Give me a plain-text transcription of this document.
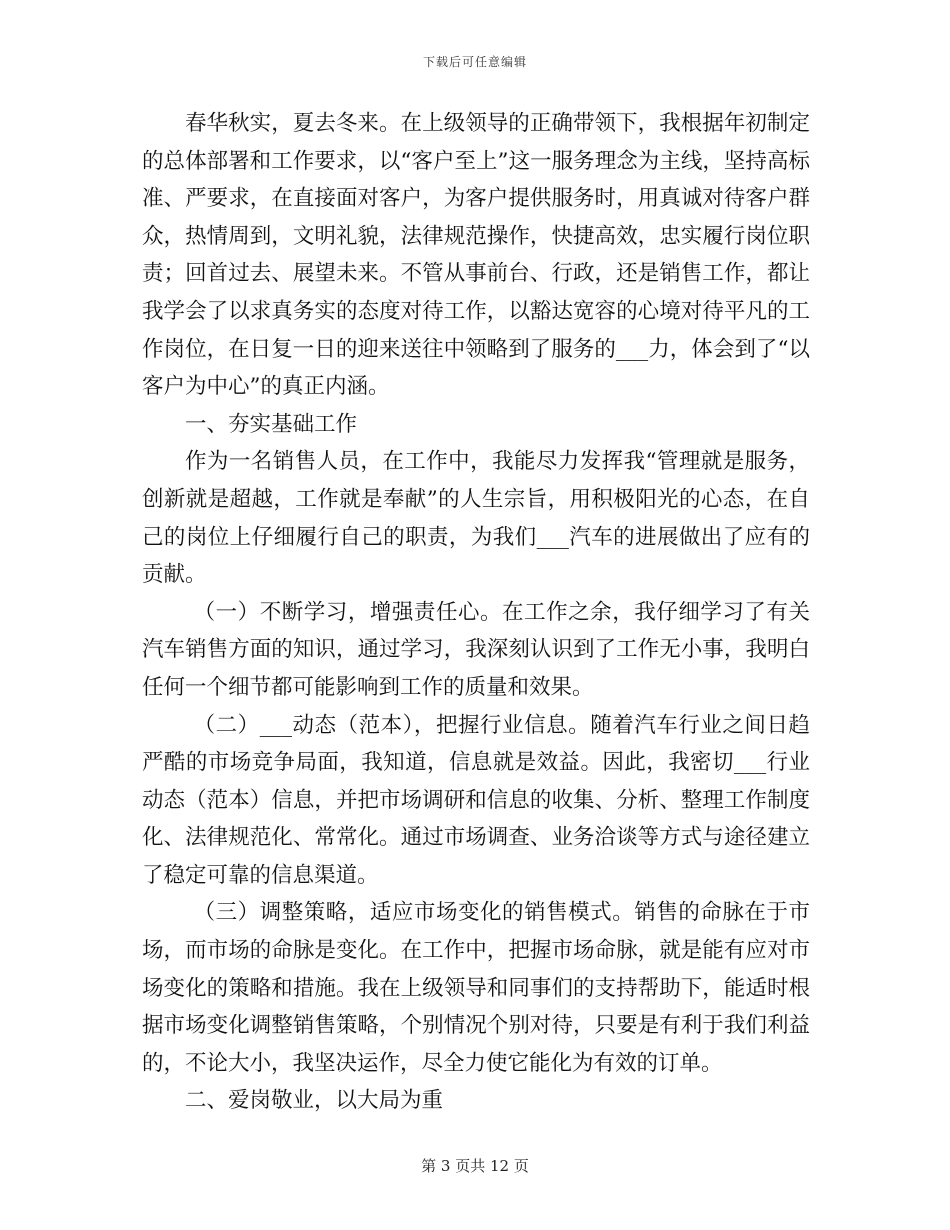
下载后可任意编辑

春华秋实，夏去冬来。在上级领导的正确带领下，我根据年初制定的总体部署和工作要求，以“客户至上”这一服务理念为主线，坚持高标准、严要求，在直接面对客户，为客户提供服务时，用真诚对待客户群众，热情周到，文明礼貌，法律规范操作，快捷高效，忠实履行岗位职责；回首过去、展望未来。不管从事前台、行政，还是销售工作，都让我学会了以求真务实的态度对待工作，以豁达宽容的心境对待平凡的工作岗位，在日复一日的迎来送往中领略到了服务的___力，体会到了“以客户为中心”的真正内涵。

一、夯实基础工作

作为一名销售人员，在工作中，我能尽力发挥我“管理就是服务，创新就是超越，工作就是奉献”的人生宗旨，用积极阳光的心态，在自己的岗位上仔细履行自己的职责，为我们___汽车的进展做出了应有的贡献。

（一）不断学习，增强责任心。在工作之余，我仔细学习了有关汽车销售方面的知识，通过学习，我深刻认识到了工作无小事，我明白任何一个细节都可能影响到工作的质量和效果。

（二）___动态（范本），把握行业信息。随着汽车行业之间日趋严酷的市场竞争局面，我知道，信息就是效益。因此，我密切___行业动态（范本）信息，并把市场调研和信息的收集、分析、整理工作制度化、法律规范化、常常化。通过市场调查、业务洽谈等方式与途径建立了稳定可靠的信息渠道。

（三）调整策略，适应市场变化的销售模式。销售的命脉在于市场，而市场的命脉是变化。在工作中，把握市场命脉，就是能有应对市场变化的策略和措施。我在上级领导和同事们的支持帮助下，能适时根据市场变化调整销售策略，个别情况个别对待，只要是有利于我们利益的，不论大小，我坚决运作，尽全力使它能化为有效的订单。

二、爱岗敬业，以大局为重

第 3 页共 12 页
